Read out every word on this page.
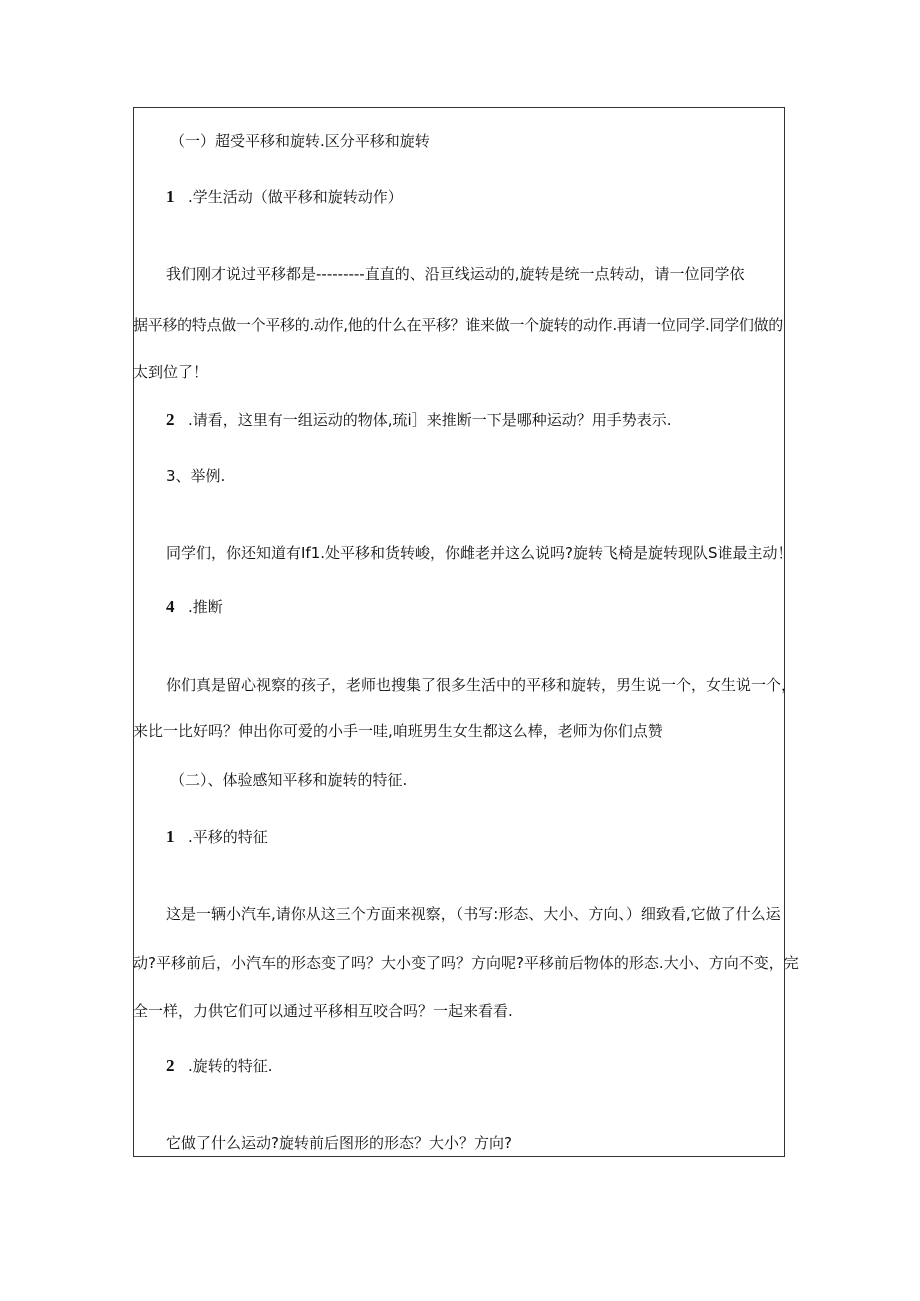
（一）超受平移和旋转.区分平移和旋转
1 .学生活动（做平移和旋转动作）
我们刚才说过平移都是---------直直的、沿亘线运动的,旋转是统一点转动，请一位同学依
据平移的特点做一个平移的.动作,他的什么在平移？谁来做一个旋转的动作.再请一位同学.同学们做的
太到位了！
2 .请看，这里有一组运动的物体,琉i］来推断一下是哪种运动？用手势表示.
3、举例.
同学们，你还知道有If1.处平移和货转峻，你雌老并这么说吗?旋转飞椅是旋转现队S谁最主动！
4 .推断
你们真是留心视察的孩子，老师也搜集了很多生活中的平移和旋转，男生说一个，女生说一个，
来比一比好吗？伸出你可爱的小手一哇,咱班男生女生都这么棒，老师为你们点赞
（二）、体验感知平移和旋转的特征.
1 .平移的特征
这是一辆小汽车,请你从这三个方面来视察，（书写:形态、大小、方向、）细致看,它做了什么运
动?平移前后，小汽车的形态变了吗？大小变了吗？方向呢?平移前后物体的形态.大小、方向不变，完
全一样，力供它们可以通过平移相互咬合吗？一起来看看.
2 .旋转的特征.
它做了什么运动?旋转前后图形的形态？大小？方向?
